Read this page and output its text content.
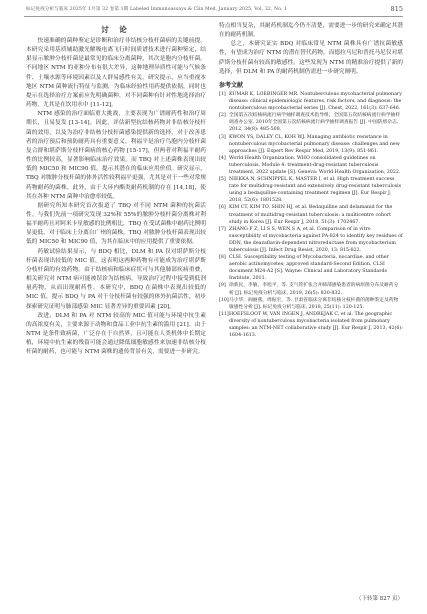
标记免疫分析与临床 2025年 1月第 32 卷第 1期 Labeled Immunoassays & Clin Med, January 2025, Vol. 32, No. 1	815
讨 论

快速准确的菌种鉴定是诊断和治疗非结核分枝杆菌病的关键前提。本研究采用基质辅助激光解吸电离飞行时间质谱技术进行菌种鉴定，结果显示脓肿分枝杆菌是最常见的临床分离菌种，其次是胞内分枝杆菌。不同地区 NTM 的亚种分布有很大差异，这种地理异质性可能与气候条件、土壤水源等环境因素以及人群易感性有关。研究提示，应当重视本地区 NTM 菌种流行特征与监测，为临床经验性用药提供依据，同时也提示在选择治疗方案前应先明确菌种，对不同菌种有针对性地选择治疗药物，尤其是在饮用水中 [11-12]。

NTM 感染的治疗面临重大挑战，主要表现为广谱耐药性和治疗周期长，且易复发 [13-14]。因此，评估新型抗结核药物对非结核分枝杆菌的效用，以及为治疗非结核分枝杆菌感染提供新的选择，对于改善患者的治疗预后和预防耐药具有重要意义。利福平是治疗鸟胞内分枝杆菌复合群和堪萨斯分枝杆菌病的核心药物 [15-17]，但两者对利福平耐药性的比例较高，显著影响临床治疗效果。而 TBQ 对上述菌株表现出较低的 MIC50 和 MIC90 值，提示其潜在的临床应用价值。研究显示，TBQ 对脓肿分枝杆菌的体外活性较利福平更强，尤其是对于一些对常规药物耐药的菌株。此外，由于大环内酯类耐药机制的存在 [14,18]，使其在各种 NTM 菌种中治愈率较低。

据研究所知本研究首次报道了 TBQ 对不同 NTM 菌种的抗菌活性。与我们先前一项研究发现 32%和 55%的脓肿分枝杆菌分离株对利福平耐药且对阿米卡星敏感的比例相比，TBQ 在受试菌株中耐药比例明显更低。对于临床上分离自广州的菌株，TBQ 对脓肿分枝杆菌表现出较低的 MIC50 和 MIC90 值，为其在临床中的应用提供了重要依据。

药敏试验结果显示，与 BDQ 相比，DLM 和 PA 仅对堪萨斯分枝杆菌表现出较低的 MIC 值，这表明这两种药物有可能成为治疗堪萨斯分枝杆菌的有效药物。由于结核病和临床症状可与其他肺部疾病重叠，相关研究对 NTM 病可能被误诊为结核病，导致治疗过程中接受到低剂量药物，从而出现耐药性。本研究中，BDQ 在菌株中表现出较低的 MIC 值，提示 BDQ 与 PA 对于分枝杆菌有较强的体外抗菌活性，初步探索研究证明与肺部感染 MIC 显著差异的重要因素 [20]。

改进，DLM 和 PA 对 NTM 较高的 MIC 值可能与环境中抗生素的高浓度有关，主要来源于动物和食品工业中抗生素的滥用 [21]。由于 NTM 是条件致病菌，广泛存在于自然界，且可能在人类机体中长期定植，环境中抗生素的残留可能会通过降低细胞敏感性来加速非结核分枝杆菌的耐药，也可能与 NTM 菌株的遗传背景有关，需要进一步研究。

特点相当复杂，其耐药机制迄今仍不清楚，需要进一步的研究来确定其潜在的耐药机制。

总之，本研究证实 BDQ 对临床常见 NTM 菌株具有广谱抗菌敏感性，有望成为治疗 NTM 的潜在替代药物，而德拉马尼和普托马尼仅对堪萨斯分枝杆菌有较高的敏感性。这些发现为 NTM 的精准治疗提供了新的选择，但 DLM 和 PA 的耐药机制仍需进一步研究阐明。

参考文献
[1] KUMAR K, LOEBINGER MR. Nontuberculous mycobacterial pulmonary disease: clinical epidemiologic features, risk factors, and diagnosis: the nontuberculous mycobacterial series [J]. Chest, 2022, 161(3): 637-646.
[2] 全国第五次结核病流行病学抽样调查技术指导组，全国第五次结核病流行病学抽样调查办公室. 2010年全国第五次结核病流行病学抽样调查报告 [J]. 中国防痨杂志, 2012, 34(8): 485-508.
[3] KWON YS, DALEY CL, KOH WJ. Managing antibiotic resistance in nontuberculous mycobacterial pulmonary disease: challenges and new approaches [J]. Expert Rev Respir Med, 2019, 13(9): 851-861.
[4] World Health Organization. WHO consolidated guidelines on tuberculosis. Module 4: treatment-drug-resistant tuberculosis treatment, 2022 update [S]. Geneva: World Health Organization, 2022.
[5] NIEKKA N, SCHNIPPEL K, MASTER I, et al. High treatment success rate for multidrug-resistant and extensively drug-resistant tuberculosis using a bedaquiline-containing treatment regimen [J]. Eur Respir J, 2018, 52(6): 1801528.
[6] KIM CT, KIM TO, SHIN HJ, et al. Bedaquiline and delamanid for the treatment of multidrug-resistant tuberculosis: a multicentre cohort study in Korea [J]. Eur Respir J, 2018, 51(3): 1702467.
[7] ZHANG F Z, LI S S, WEN S A, et al. Comparison of in vitro susceptibility of mycobacteria against PA-824 to identify key residues of DDN, the deazaflavin-dependent nitroreductase from mycobacterium tuberculosis [J]. Infect Drug Resist, 2020, 13: 815-822.
[8] CLSI. Susceptibility testing of Mycobacteria, nocardiae, and other aerobic actinomycetes; approved standard-Second Edition, CLSI document M24-A2 [S]. Wayne: Clinical and Laboratory Standards Institute, 2011.
[9] 徐新民，李敏，李旭平，等. 支气管扩张合并肺部感染患者的病原菌分布及耐药分析 [J]. 标记免疫分析与临床, 2019, 26(5): 830-832.
[10] 马小华，阎丽燕，周振宏，等. 甘肃省临床分离非结核分枝杆菌的菌种鉴定及药物敏感性分析 [J]. 标记免疫分析与临床, 2018, 25(11): 120-125.
[11] HOEFSLOOT W, VAN INGEN J, ANDREJAK C, et al. The geographic diversity of nontuberculous mycobacteria isolated from pulmonary samples: an NTM-NET collaborative study [J]. Eur Respir J, 2013, 42(6): 1604-1613.
（下转第 827 页）
